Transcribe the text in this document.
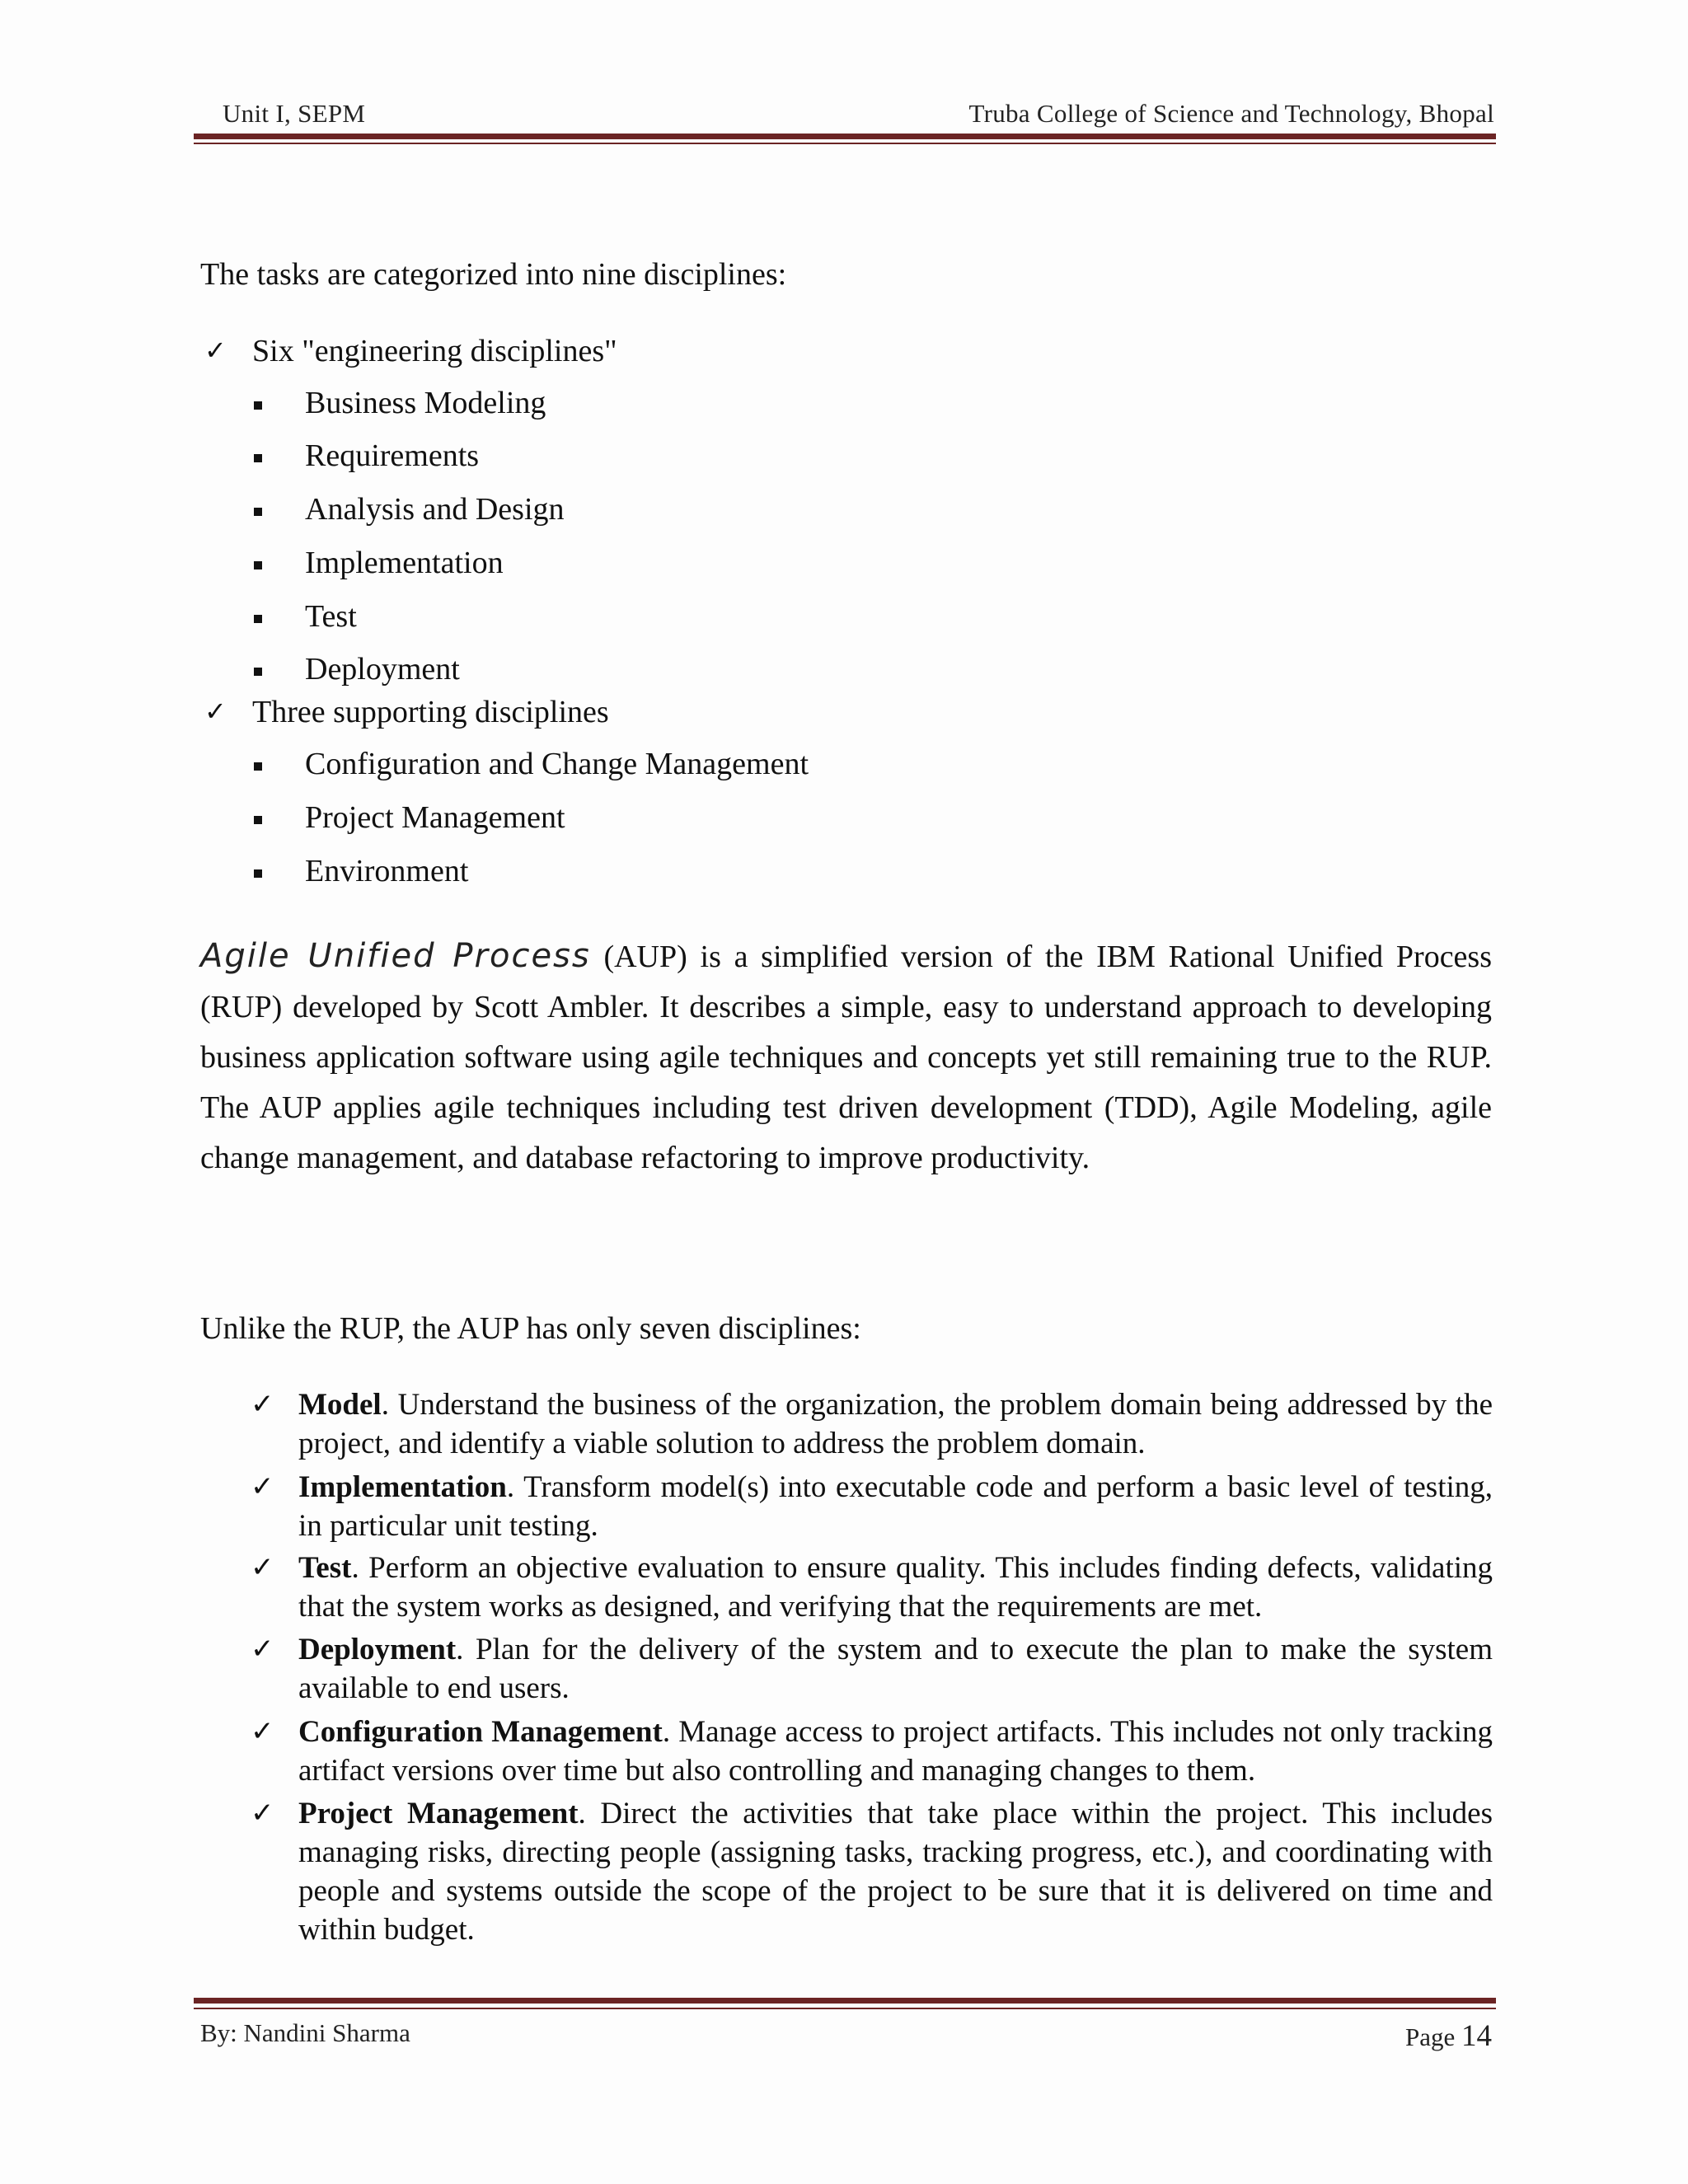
Unit I, SEPM	Truba College of Science and Technology, Bhopal
The tasks are categorized into nine disciplines:
✓ Six "engineering disciplines"
Business Modeling
Requirements
Analysis and Design
Implementation
Test
Deployment
✓ Three supporting disciplines
Configuration and Change Management
Project Management
Environment
Agile Unified Process (AUP) is a simplified version of the IBM Rational Unified Process (RUP) developed by Scott Ambler. It describes a simple, easy to understand approach to developing business application software using agile techniques and concepts yet still remaining true to the RUP. The AUP applies agile techniques including test driven development (TDD), Agile Modeling, agile change management, and database refactoring to improve productivity.
Unlike the RUP, the AUP has only seven disciplines:
✓ Model. Understand the business of the organization, the problem domain being addressed by the project, and identify a viable solution to address the problem domain.
✓ Implementation. Transform model(s) into executable code and perform a basic level of testing, in particular unit testing.
✓ Test. Perform an objective evaluation to ensure quality. This includes finding defects, validating that the system works as designed, and verifying that the requirements are met.
✓ Deployment. Plan for the delivery of the system and to execute the plan to make the system available to end users.
✓ Configuration Management. Manage access to project artifacts. This includes not only tracking artifact versions over time but also controlling and managing changes to them.
✓ Project Management. Direct the activities that take place within the project. This includes managing risks, directing people (assigning tasks, tracking progress, etc.), and coordinating with people and systems outside the scope of the project to be sure that it is delivered on time and within budget.
By: Nandini Sharma	Page 14
